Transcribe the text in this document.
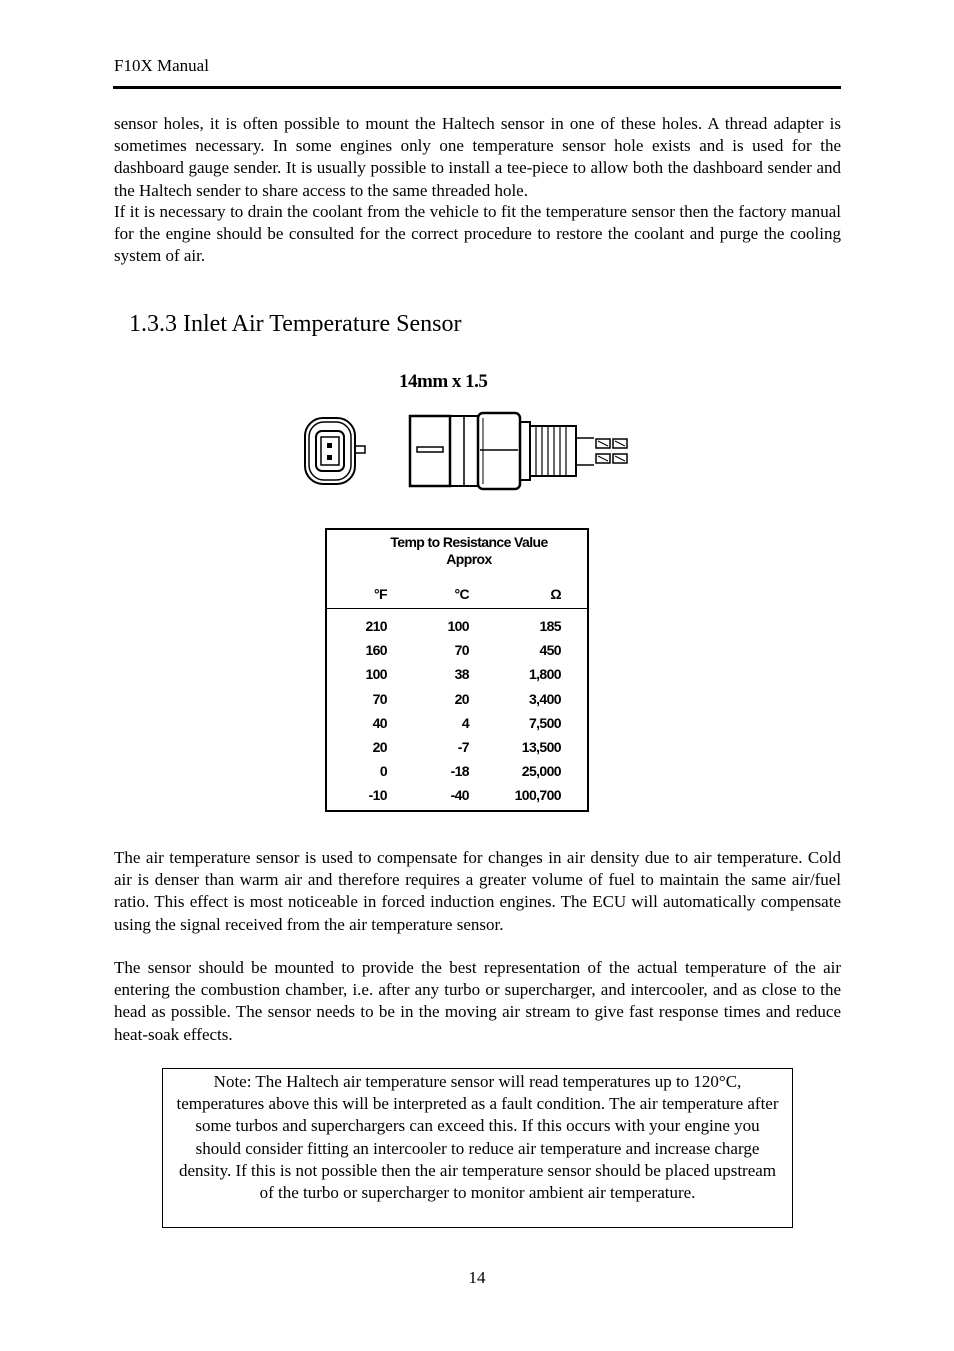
F10X Manual

sensor holes, it is often possible to mount the Haltech sensor in one of these holes. A thread adapter is sometimes necessary. In some engines only one temperature sensor hole exists and is used for the dashboard gauge sender. It is usually possible to install a tee-piece to allow both the dashboard sender and the Haltech sender to share access to the same threaded hole.

If it is necessary to drain the coolant from the vehicle to fit the temperature sensor then the factory manual for the engine should be consulted for the correct procedure to restore the coolant and purge the cooling system of air.

1.3.3 Inlet Air Temperature Sensor
14mm x 1.5
Temp to Resistance Value
Approx
°F	°C	Ω
210	100	185
160	70	450
100	38	1,800
70	20	3,400
40	4	7,500
20	-7	13,500
0	-18	25,000
-10	-40	100,700

The air temperature sensor is used to compensate for changes in air density due to air temperature. Cold air is denser than warm air and therefore requires a greater volume of fuel to maintain the same air/fuel ratio. This effect is most noticeable in forced induction engines. The ECU will automatically compensate using the signal received from the air temperature sensor.

The sensor should be mounted to provide the best representation of the actual temperature of the air entering the combustion chamber, i.e. after any turbo or supercharger, and intercooler, and as close to the head as possible. The sensor needs to be in the moving air stream to give fast response times and reduce heat-soak effects.

Note: The Haltech air temperature sensor will read temperatures up to 120°C, temperatures above this will be interpreted as a fault condition. The air temperature after some turbos and superchargers can exceed this. If this occurs with your engine you should consider fitting an intercooler to reduce air temperature and increase charge density. If this is not possible then the air temperature sensor should be placed upstream of the turbo or supercharger to monitor ambient air temperature.

14
